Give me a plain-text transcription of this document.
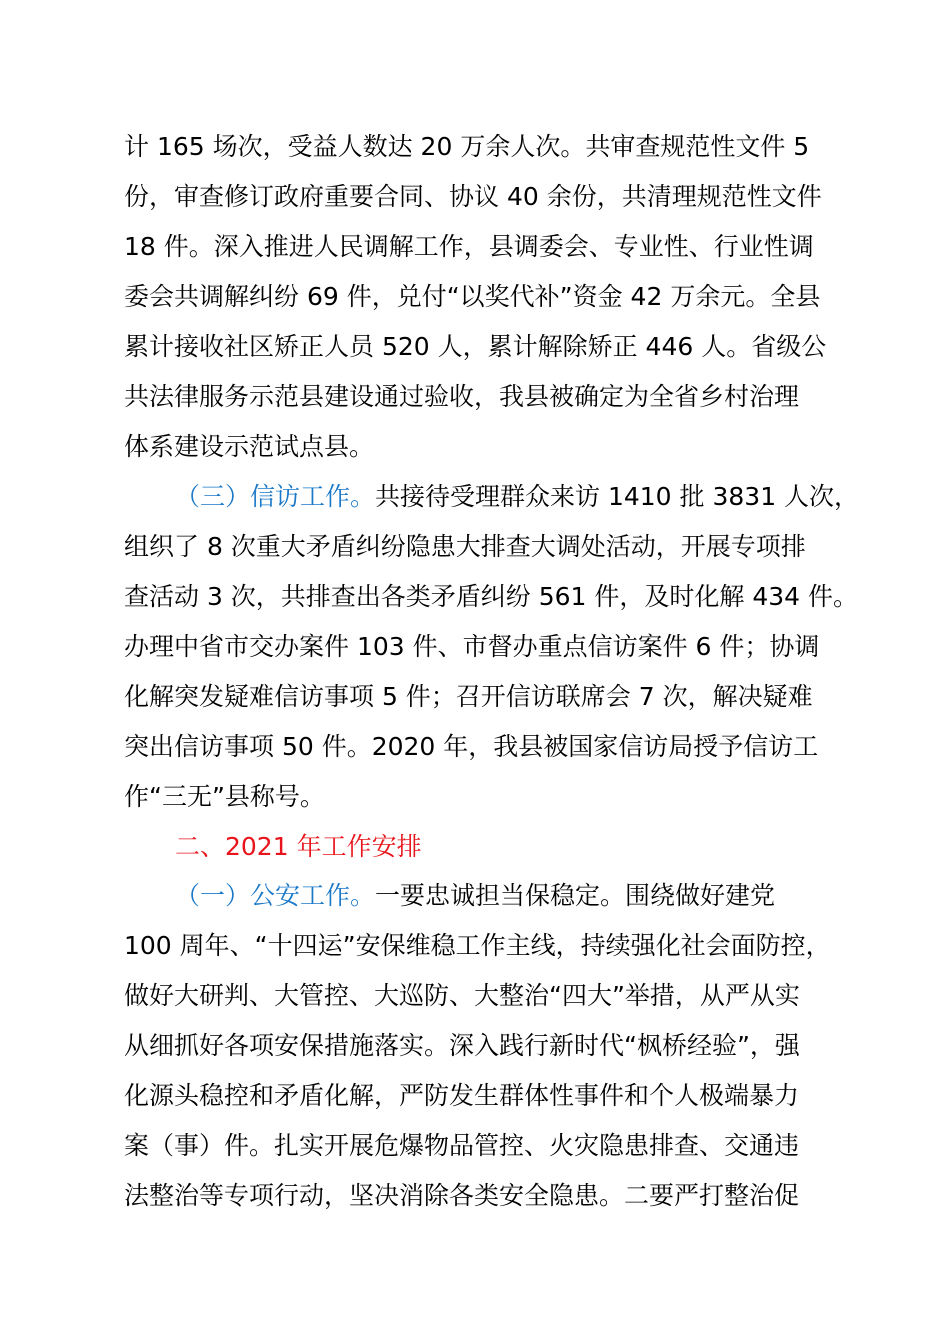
计 165 场次，受益人数达 20 万余人次。共审查规范性文件 5
份，审查修订政府重要合同、协议 40 余份，共清理规范性文件
18 件。深入推进人民调解工作，县调委会、专业性、行业性调
委会共调解纠纷 69 件，兑付“以奖代补”资金 42 万余元。全县
累计接收社区矫正人员 520 人，累计解除矫正 446 人。省级公
共法律服务示范县建设通过验收，我县被确定为全省乡村治理
体系建设示范试点县。
（三）信访工作。共接待受理群众来访 1410 批 3831 人次，
组织了 8 次重大矛盾纠纷隐患大排查大调处活动，开展专项排
查活动 3 次，共排查出各类矛盾纠纷 561 件，及时化解 434 件。
办理中省市交办案件 103 件、市督办重点信访案件 6 件；协调
化解突发疑难信访事项 5 件；召开信访联席会 7 次，解决疑难
突出信访事项 50 件。2020 年，我县被国家信访局授予信访工
作“三无”县称号。
二、2021 年工作安排
（一）公安工作。一要忠诚担当保稳定。围绕做好建党
100 周年、“十四运”安保维稳工作主线，持续强化社会面防控，
做好大研判、大管控、大巡防、大整治“四大”举措，从严从实
从细抓好各项安保措施落实。深入践行新时代“枫桥经验”，强
化源头稳控和矛盾化解，严防发生群体性事件和个人极端暴力
案（事）件。扎实开展危爆物品管控、火灾隐患排查、交通违
法整治等专项行动，坚决消除各类安全隐患。二要严打整治促
